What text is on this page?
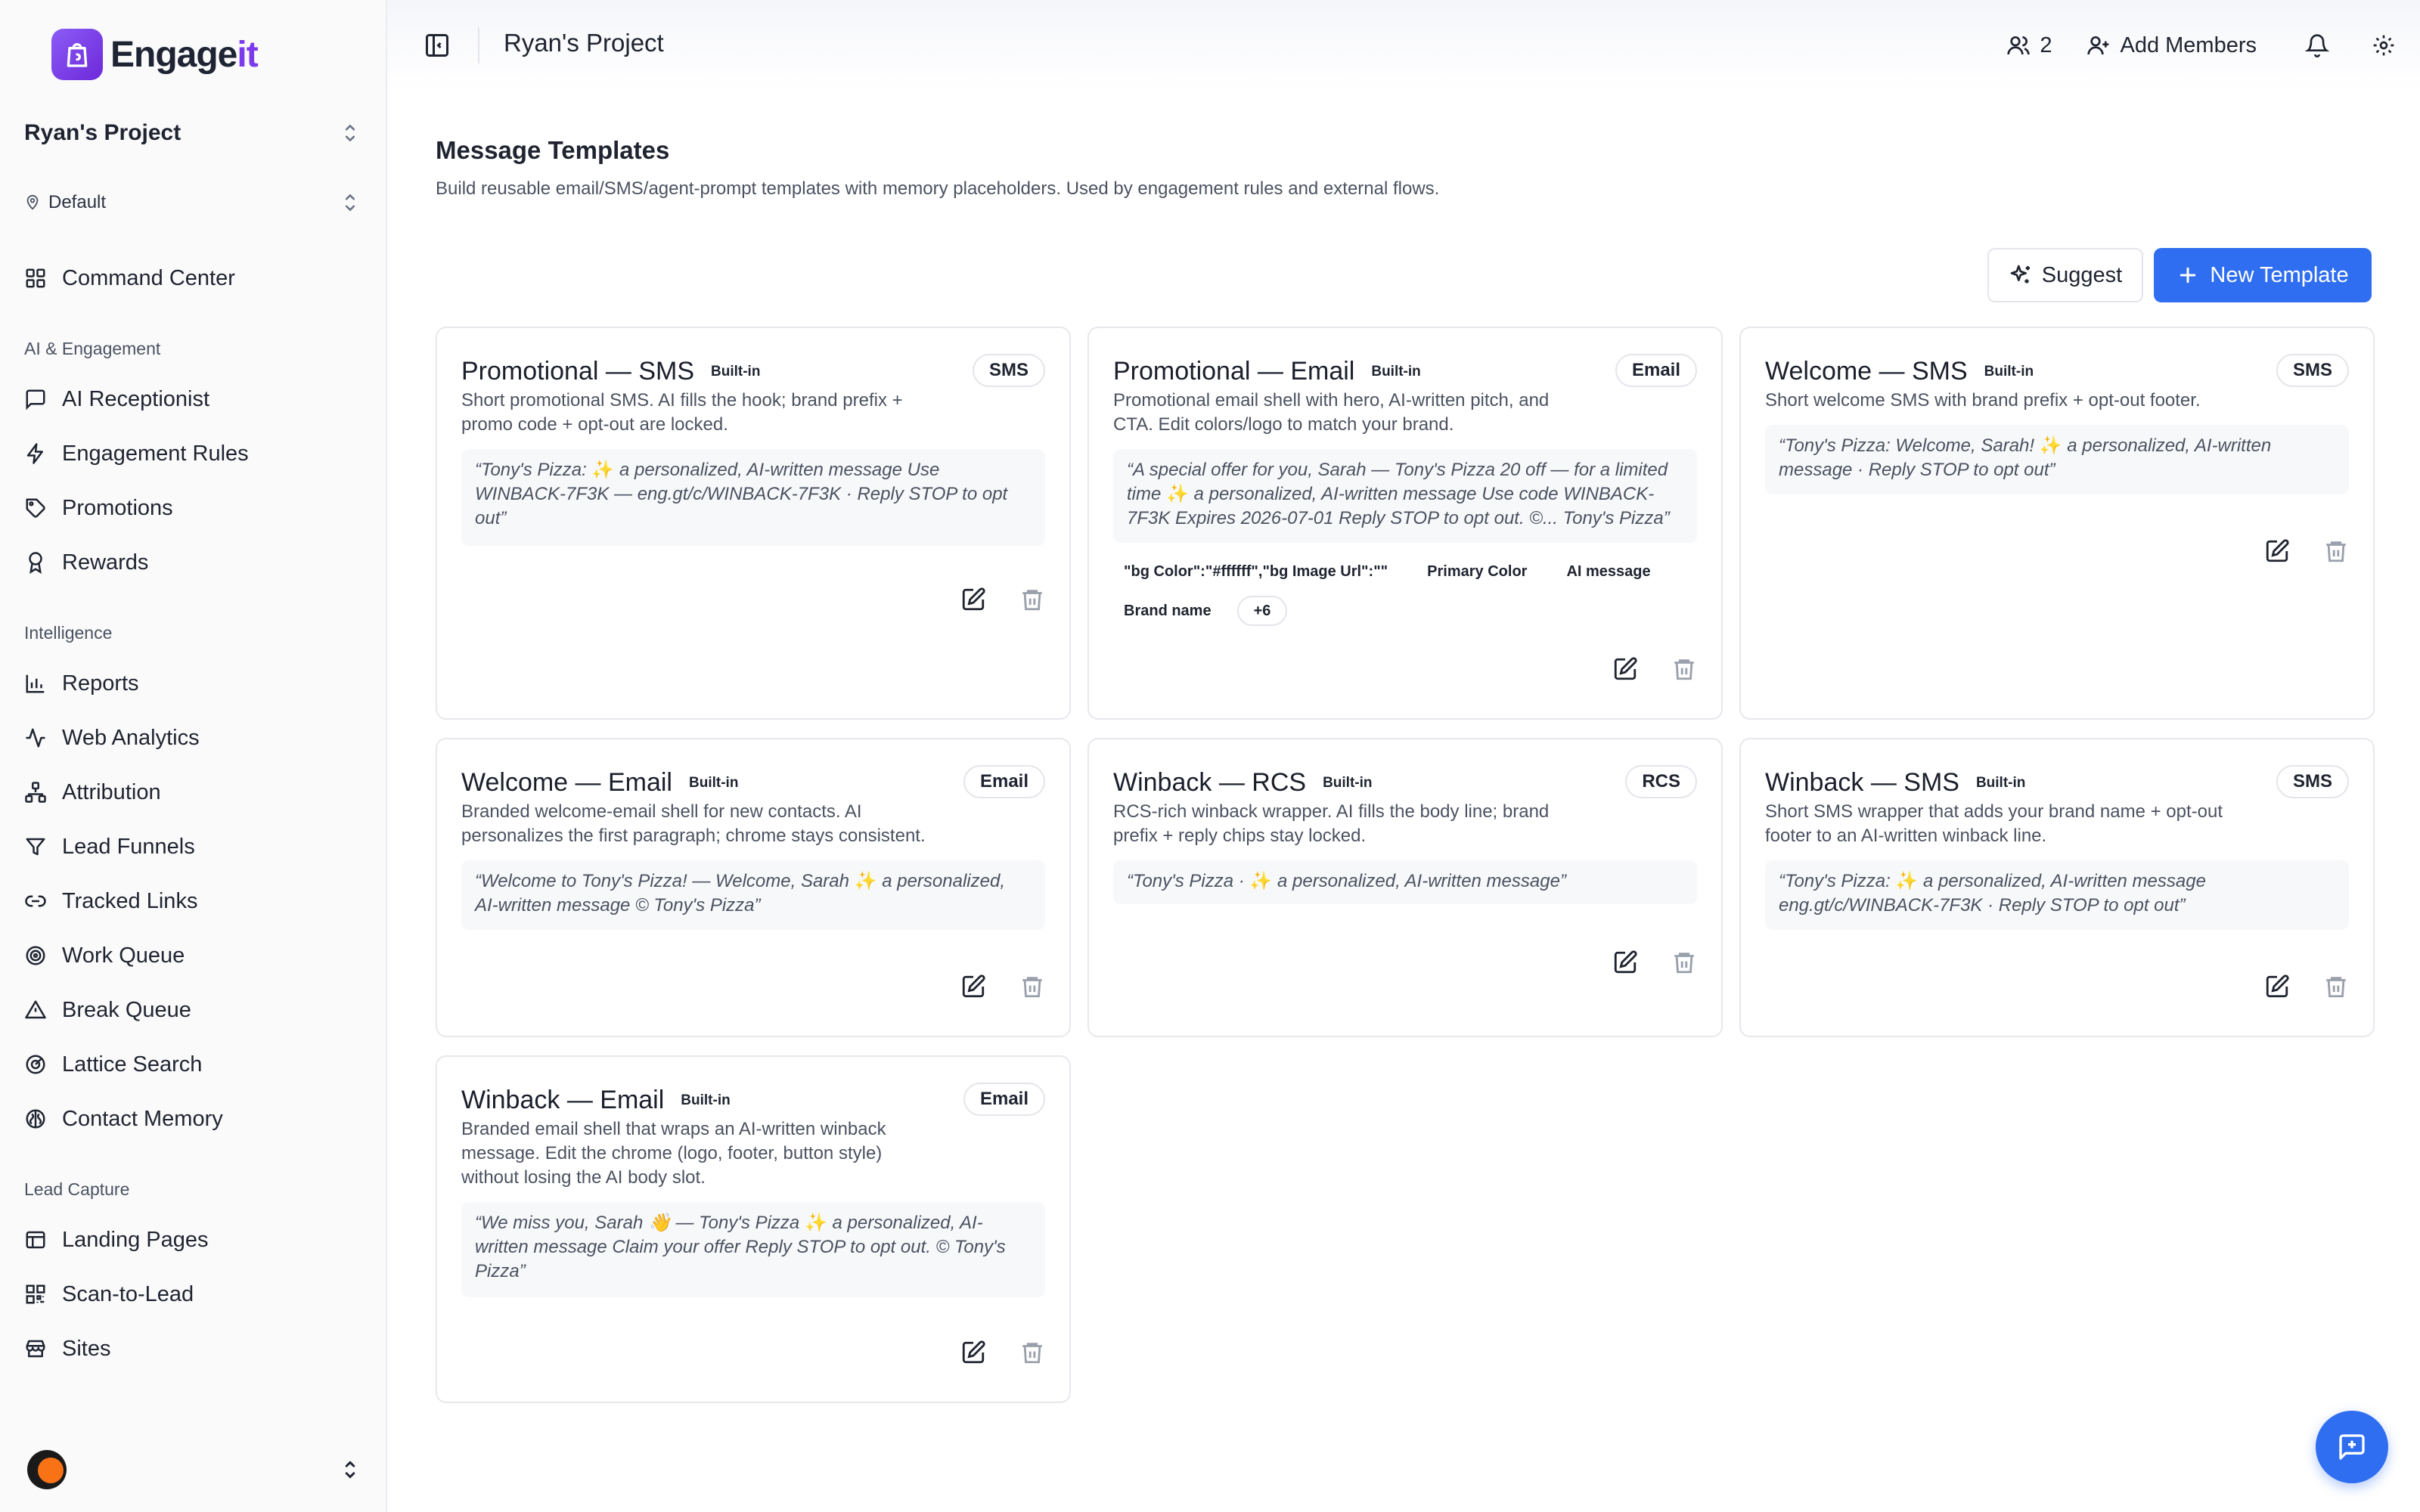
Engageit
Ryan's Project
Default
Command Center
AI & Engagement
AI Receptionist
Engagement Rules
Promotions
Rewards
Intelligence
Reports
Web Analytics
Attribution
Lead Funnels
Tracked Links
Work Queue
Break Queue
Lattice Search
Contact Memory
Lead Capture
Landing Pages
Scan-to-Lead
Sites
Ryan's Project	2	Add Members
Message Templates

Build reusable email/SMS/agent-prompt templates with memory placeholders. Used by engagement rules and external flows.

Suggest	New Template
Promotional — SMS Built-in	SMS

Short promotional SMS. AI fills the hook; brand prefix + promo code + opt-out are locked.

“Tony's Pizza: ✨ a personalized, AI-written message Use WINBACK-7F3K — eng.gt/c/WINBACK-7F3K · Reply STOP to opt out”
Promotional — Email Built-in	Email

Promotional email shell with hero, AI-written pitch, and CTA. Edit colors/logo to match your brand.

“A special offer for you, Sarah — Tony's Pizza 20 off — for a limited time ✨ a personalized, AI-written message Use code WINBACK-7F3K Expires 2026-07-01 Reply STOP to opt out. ©... Tony's Pizza”
"bg Color":"#ffffff","bg Image Url":""	Primary Color	AI message
Brand name	+6
Welcome — SMS Built-in	SMS

Short welcome SMS with brand prefix + opt-out footer.

“Tony's Pizza: Welcome, Sarah! ✨ a personalized, AI-written message · Reply STOP to opt out”
Welcome — Email Built-in	Email

Branded welcome-email shell for new contacts. AI personalizes the first paragraph; chrome stays consistent.

“Welcome to Tony's Pizza! — Welcome, Sarah ✨ a personalized, AI-written message © Tony's Pizza”
Winback — RCS Built-in	RCS

RCS-rich winback wrapper. AI fills the body line; brand prefix + reply chips stay locked.

“Tony's Pizza · ✨ a personalized, AI-written message”
Winback — SMS Built-in	SMS

Short SMS wrapper that adds your brand name + opt-out footer to an AI-written winback line.

“Tony's Pizza: ✨ a personalized, AI-written message eng.gt/c/WINBACK-7F3K · Reply STOP to opt out”
Winback — Email Built-in	Email

Branded email shell that wraps an AI-written winback message. Edit the chrome (logo, footer, button style) without losing the AI body slot.

“We miss you, Sarah 👋 — Tony's Pizza ✨ a personalized, AI-written message Claim your offer Reply STOP to opt out. © Tony's Pizza”
